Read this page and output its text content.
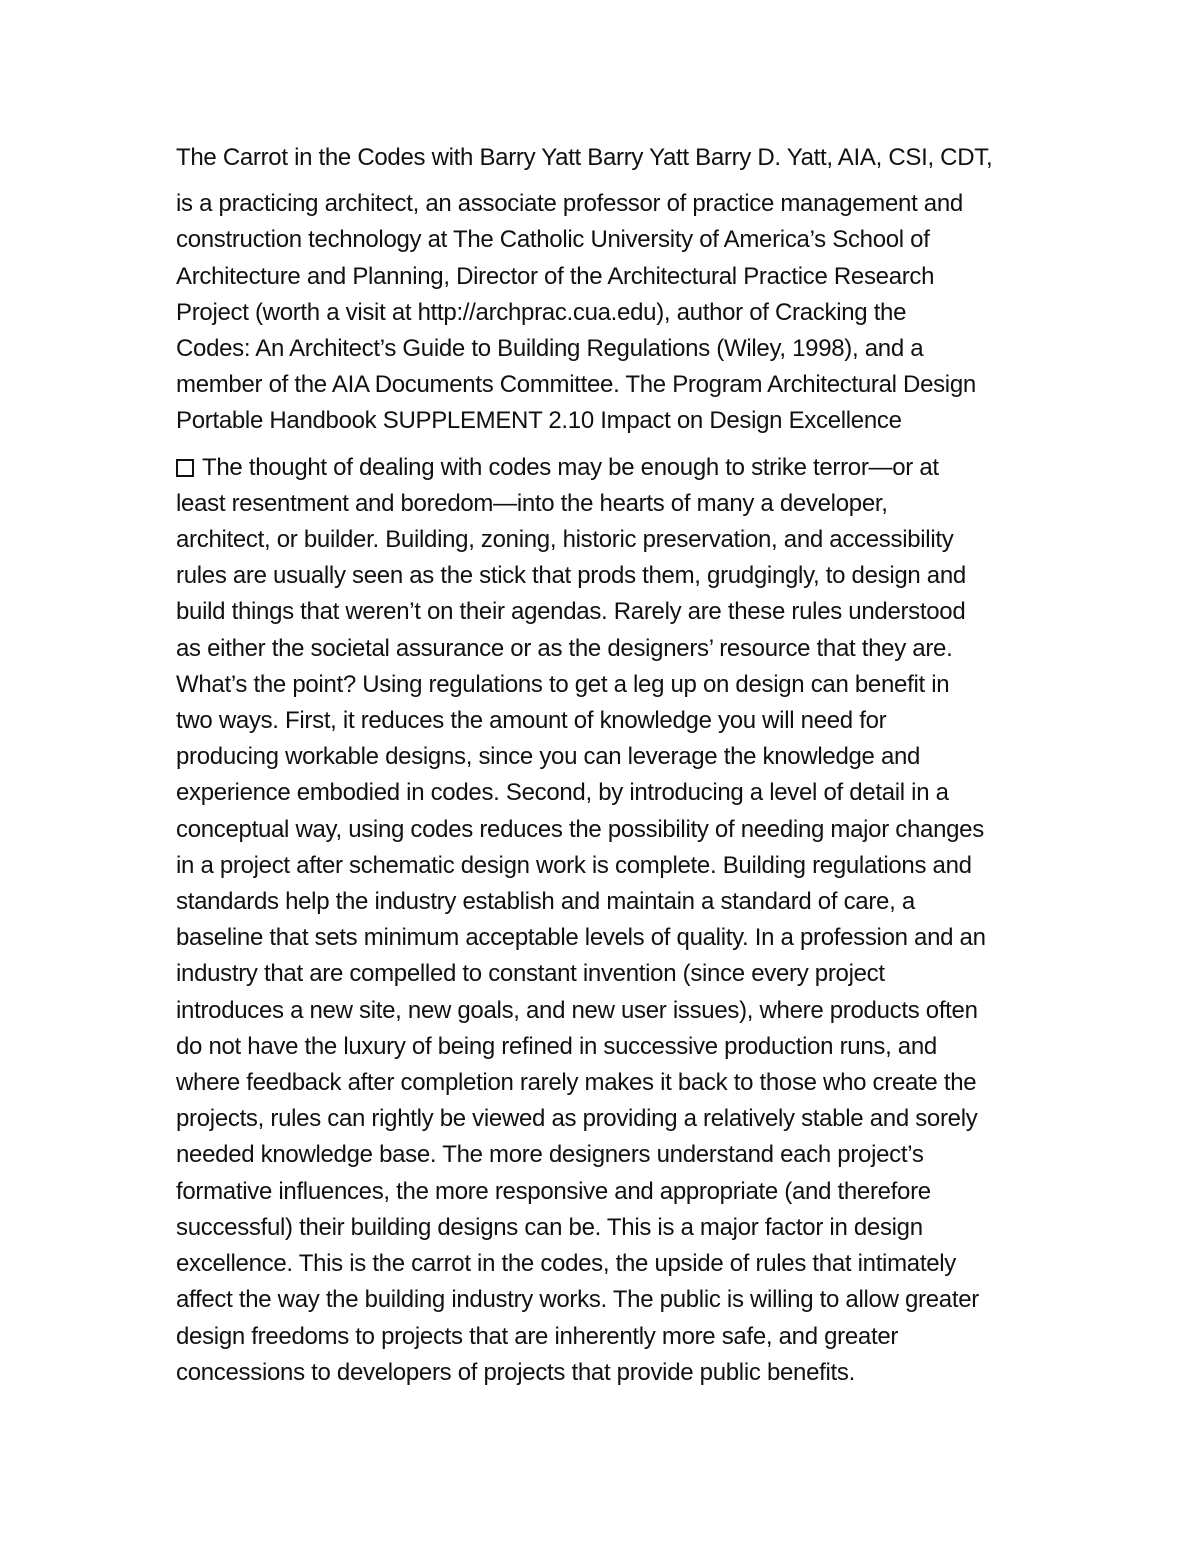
The Carrot in the Codes with Barry Yatt Barry Yatt Barry D. Yatt, AIA, CSI, CDT,

is a practicing architect, an associate professor of practice management and
construction technology at The Catholic University of America’s School of
Architecture and Planning, Director of the Architectural Practice Research
Project (worth a visit at http://archprac.cua.edu), author of Cracking the
Codes: An Architect’s Guide to Building Regulations (Wiley, 1998), and a
member of the AIA Documents Committee. The Program Architectural Design
Portable Handbook SUPPLEMENT 2.10 Impact on Design Excellence

The thought of dealing with codes may be enough to strike terror—or at
least resentment and boredom—into the hearts of many a developer,
architect, or builder. Building, zoning, historic preservation, and accessibility
rules are usually seen as the stick that prods them, grudgingly, to design and
build things that weren’t on their agendas. Rarely are these rules understood
as either the societal assurance or as the designers’ resource that they are.
What’s the point? Using regulations to get a leg up on design can benefit in
two ways. First, it reduces the amount of knowledge you will need for
producing workable designs, since you can leverage the knowledge and
experience embodied in codes. Second, by introducing a level of detail in a
conceptual way, using codes reduces the possibility of needing major changes
in a project after schematic design work is complete. Building regulations and
standards help the industry establish and maintain a standard of care, a
baseline that sets minimum acceptable levels of quality. In a profession and an
industry that are compelled to constant invention (since every project
introduces a new site, new goals, and new user issues), where products often
do not have the luxury of being refined in successive production runs, and
where feedback after completion rarely makes it back to those who create the
projects, rules can rightly be viewed as providing a relatively stable and sorely
needed knowledge base. The more designers understand each project’s
formative influences, the more responsive and appropriate (and therefore
successful) their building designs can be. This is a major factor in design
excellence. This is the carrot in the codes, the upside of rules that intimately
affect the way the building industry works. The public is willing to allow greater
design freedoms to projects that are inherently more safe, and greater
concessions to developers of projects that provide public benefits.
